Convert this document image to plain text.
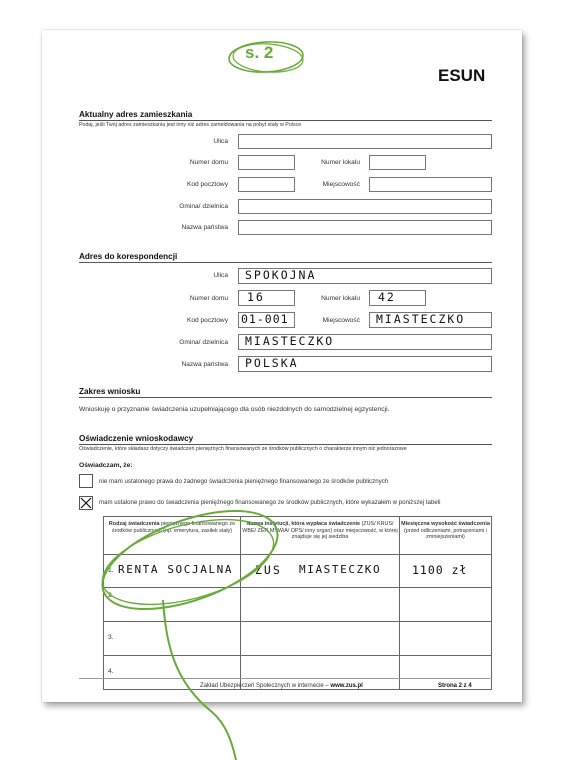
s. 2
ESUN
Aktualny adres zamieszkania
Podaj, jeśli Twój adres zamieszkania jest inny niż adres zameldowania na pobyt stały w Polsce
Ulica
Numer domu	Numer lokalu
Kod pocztowy	Miejscowość
Gmina/ dzielnica
Nazwa państwa
Adres do korespondencji
Ulica SPOKOJNA
Numer domu 16	Numer lokalu 42
Kod pocztowy 01-001	Miejscowość MIASTECZKO
Gmina/ dzielnica MIASTECZKO
Nazwa państwa POLSKA
Zakres wniosku
Wnioskuję o przyznanie świadczenia uzupełniającego dla osób niezdolnych do samodzielnej egzystencji.
Oświadczenie wnioskodawcy
Oświadczenie, które składasz dotyczy świadczeń pieniężnych finansowanych ze środków publicznych o charakterze innym niż jednorazowe
Oświadczam, że:
nie mam ustalonego prawa do żadnego świadczenia pieniężnego finansowanego ze środków publicznych
mam ustalone prawo do świadczenia pieniężnego finansowanego ze środków publicznych, które wykazałem w poniższej tabeli
Rodzaj świadczenia pieniężnego finansowanego ze środków publicznych (np. emerytura, zasiłek stały)	Nazwa instytucji, która wypłaca świadczenie (ZUS/ KRUS/ WBE/ ZER MSWiA/ OPS/ inny organ) oraz miejscowość, w której znajduje się jej siedziba	Miesięczna wysokość świadczenia (przed odliczeniami, potrąceniami i zmniejszeniami)

1. RENTA SOCJALNA	ZUS MIASTECZKO	1100 zł

2.		

3.		

4.		

Zakład Ubezpieczeń Społecznych w internecie – www.zus.pl	Strona 2 z 4
